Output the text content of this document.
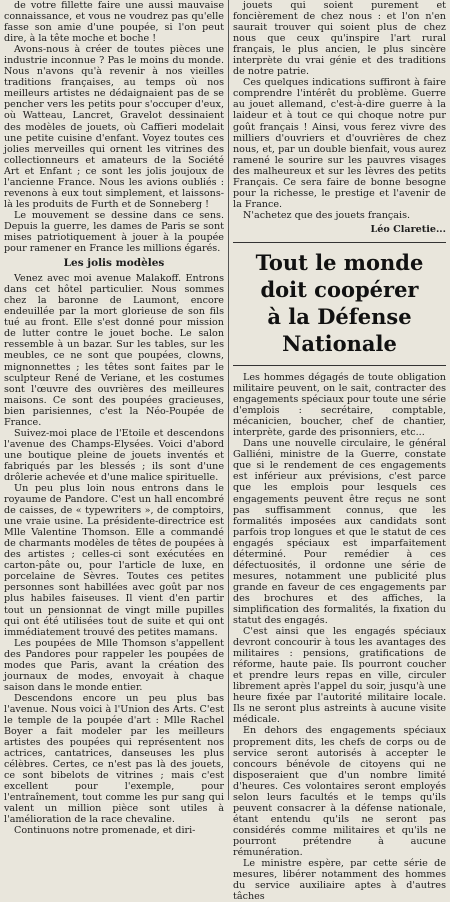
de votre fillette faire une aussi mauvaise connaissance, et vous ne voudrez pas qu'elle fasse son amie d'une poupée, si l'on peut dire, à la tête moche et boche !

Avons-nous à créer de toutes pièces une industrie inconnue ? Pas le moins du monde. Nous n'avons qu'à revenir à nos vieilles traditions françaises, au temps où nos meilleurs artistes ne dédaignaient pas de se pencher vers les petits pour s'occuper d'eux, où Watteau, Lancret, Gravelot dessinaient des modèles de jouets, où Caffieri modelait une petite cuisine d'enfant. Voyez toutes ces jolies merveilles qui ornent les vitrines des collectionneurs et amateurs de la Société Art et Enfant ; ce sont les jolis joujoux de l'ancienne France. Nous les avions oubliés : revenons à eux tout simplement, et laissons-là les produits de Furth et de Sonneberg !

Le mouvement se dessine dans ce sens. Depuis la guerre, les dames de Paris se sont mises patriotiquement à jouer à la poupée pour ramener en France les millions égarés.

Les jolis modèles

Venez avec moi avenue Malakoff. Entrons dans cet hôtel particulier. Nous sommes chez la baronne de Laumont, encore endeuillée par la mort glorieuse de son fils tué au front. Elle s'est donné pour mission de lutter contre le jouet boche. Le salon ressemble à un bazar. Sur les tables, sur les meubles, ce ne sont que poupées, clowns, mignonnettes ; les têtes sont faites par le sculpteur René de Veriane, et les costumes sont l'œuvre des ouvrières des meilleures maisons. Ce sont des poupées gracieuses, bien parisiennes, c'est la Néo-Poupée de France.

Suivez-moi place de l'Etoile et descendons l'avenue des Champs-Elysées. Voici d'abord une boutique pleine de jouets inventés et fabriqués par les blessés ; ils sont d'une drôlerie achevée et d'une malice spirituelle.

Un peu plus loin nous entrons dans le royaume de Pandore. C'est un hall encombré de caisses, de « typewriters », de comptoirs, une vraie usine. La présidente-directrice est Mlle Valentine Thomson. Elle a commandé de charmants modèles de têtes de poupées à des artistes ; celles-ci sont exécutées en carton-pâte ou, pour l'article de luxe, en porcelaine de Sèvres. Toutes ces petites personnes sont habillées avec goût par nos plus habiles faiseuses. Il vient d'en partir tout un pensionnat de vingt mille pupilles qui ont été utilisées tout de suite et qui ont immédiatement trouvé des petites mamans.

Les poupées de Mlle Thomson s'appellent des Pandores pour rappeler les poupées de modes que Paris, avant la création des journaux de modes, envoyait à chaque saison dans le monde entier.

Descendons encore un peu plus bas l'avenue. Nous voici à l'Union des Arts. C'est le temple de la poupée d'art : Mlle Rachel Boyer a fait modeler par les meilleurs artistes des poupées qui représentent nos actrices, cantatrices, danseuses les plus célèbres. Certes, ce n'est pas là des jouets, ce sont bibelots de vitrines ; mais c'est excellent pour l'exemple, pour l'entraînement, tout comme les pur sang qui valent un million pièce sont utiles à l'amélioration de la race chevaline.

Continuons notre promenade, et diri-

jouets qui soient purement et foncièrement de chez nous : et l'on n'en saurait trouver qui soient plus de chez nous que ceux qu'inspire l'art rural français, le plus ancien, le plus sincère interprète du vrai génie et des traditions de notre patrie.

Ces quelques indications suffiront à faire comprendre l'intérêt du problème. Guerre au jouet allemand, c'est-à-dire guerre à la laideur et à tout ce qui choque notre pur goût français ! Ainsi, vous ferez vivre des milliers d'ouvriers et d'ouvrières de chez nous, et, par un double bienfait, vous aurez ramené le sourire sur les pauvres visages des malheureux et sur les lèvres des petits Français. Ce sera faire de bonne besogne pour la richesse, le prestige et l'avenir de la France.

N'achetez que des jouets français.

Léo Claretie...

Tout le monde
doit coopérer
à la Défense Nationale

Les hommes dégagés de toute obligation militaire peuvent, on le sait, contracter des engagements spéciaux pour toute une série d'emplois : secrétaire, comptable, mécanicien, boucher, chef de chantier, interprète, garde des prisonniers, etc...

Dans une nouvelle circulaire, le général Galliéni, ministre de la Guerre, constate que si le rendement de ces engagements est inférieur aux prévisions, c'est parce que les emplois pour lesquels ces engagements peuvent être reçus ne sont pas suffisamment connus, que les formalités imposées aux candidats sont parfois trop longues et que le statut de ces engagés spéciaux est imparfaitement déterminé. Pour remédier à ces défectuosités, il ordonne une série de mesures, notamment une publicité plus grande en faveur de ces engagements par des brochures et des affiches, la simplification des formalités, la fixation du statut des engagés.

C'est ainsi que les engagés spéciaux devront concourir à tous les avantages des militaires : pensions, gratifications de réforme, haute paie. Ils pourront coucher et prendre leurs repas en ville, circuler librement après l'appel du soir, jusqu'à une heure fixée par l'autorité militaire locale. Ils ne seront plus astreints à aucune visite médicale.

En dehors des engagements spéciaux proprement dits, les chefs de corps ou de service seront autorisés à accepter le concours bénévole de citoyens qui ne disposeraient que d'un nombre limité d'heures. Ces volontaires seront employés selon leurs facultés et le temps qu'ils peuvent consacrer à la défense nationale, étant entendu qu'ils ne seront pas considérés comme militaires et qu'ils ne pourront prétendre à aucune rémunération.

Le ministre espère, par cette série de mesures, libérer notamment des hommes du service auxiliaire aptes à d'autres tâches
